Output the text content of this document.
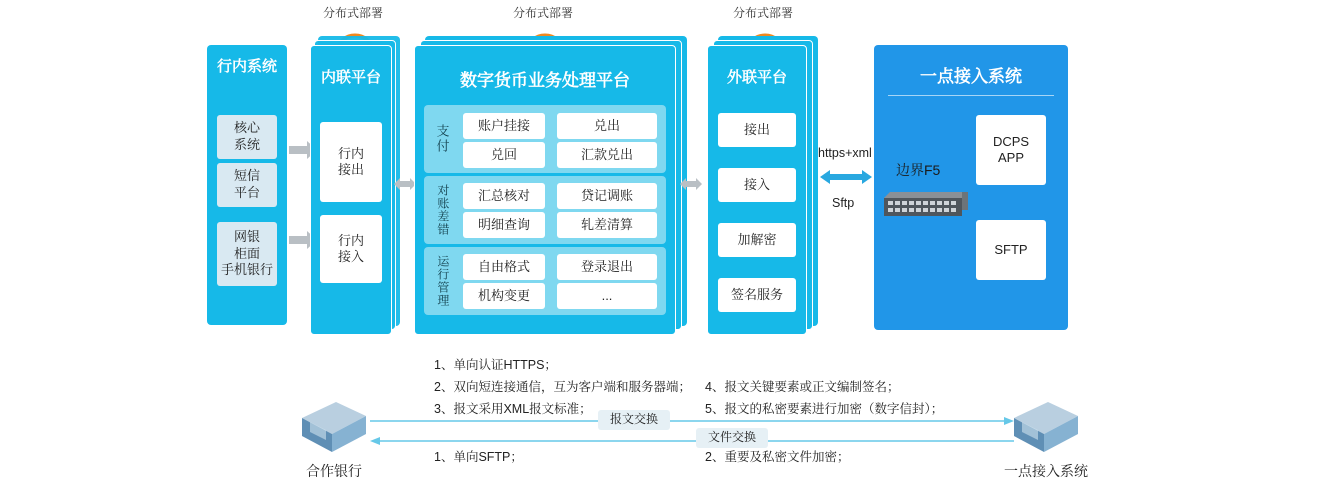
分布式部署	分布式部署	分布式部署
行内系统
核心
系统
短信
平台
网银
柜面
手机银行
内联平台
行内
接出
行内
接入
数字货币业务处理平台
支付	账户挂接	兑出
兑回	汇款兑出
对账差错	汇总核对	贷记调账
明细查询	轧差清算
运行管理	自由格式	登录退出
机构变更	...
外联平台
接出
接入
加解密
签名服务
https+xml
Sftp
一点接入系统
边界F5
DCPS
APP
SFTP
合作银行	一点接入系统
报文交换
文件交换
1、单向认证HTTPS；
2、双向短连接通信，互为客户端和服务器端；
3、报文采用XML报文标准；
4、报文关键要素或正文编制签名；
5、报文的私密要素进行加密（数字信封）；
1、单向SFTP；	2、重要及私密文件加密；
